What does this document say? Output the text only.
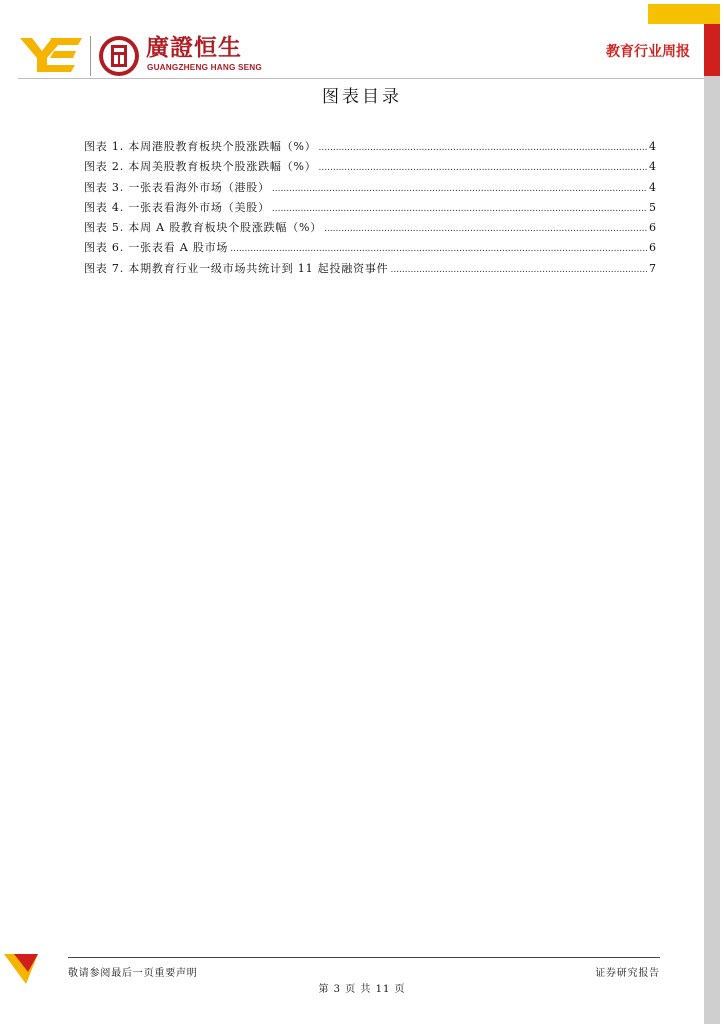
廣證恒生
GUANGZHENG HANG SENG
教育行业周报
图表目录
图表 1. 本周港股教育板块个股涨跌幅（%） .....	4
图表 2. 本周美股教育板块个股涨跌幅（%） .....	4
图表 3. 一张表看海外市场（港股） .....	4
图表 4. 一张表看海外市场（美股） .....	5
图表 5. 本周 A 股教育板块个股涨跌幅（%） .....	6
图表 6. 一张表看 A 股市场 .....	6
图表 7. 本期教育行业一级市场共统计到 11 起投融资事件 .....	7
敬请参阅最后一页重要声明	证券研究报告
第 3 页 共 11 页
